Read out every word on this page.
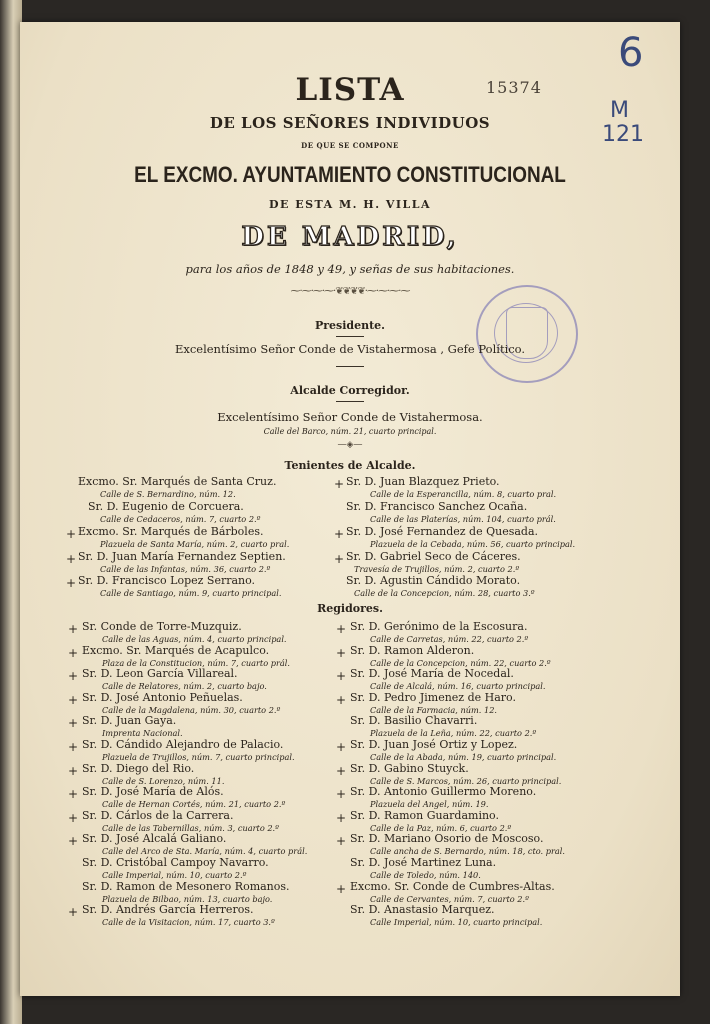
15374
6
M
121
LISTA
DE LOS SEÑORES INDIVIDUOS
DE QUE SE COMPONE
EL EXCMO. AYUNTAMIENTO CONSTITUCIONAL
DE ESTA M. H. VILLA
DE MADRID,
para los años de 1848 y 49, y señas de sus habitaciones.
⁓·⁓·⁓·⁓·❦❦❦❦·⁓·⁓·⁓·⁓
Presidente.
Excelentísimo Señor Conde de Vistahermosa , Gefe Político.
Alcalde Corregidor.
Excelentísimo Señor Conde de Vistahermosa.
Calle del Barco, núm. 21, cuarto principal.
—◈—
Tenientes de Alcalde.
Excmo. Sr. Marqués de Santa Cruz.
Calle de S. Bernardino, núm. 12.
Sr. D. Eugenio de Corcuera.
Calle de Cedaceros, núm. 7, cuarto 2.º
+ Excmo. Sr. Marqués de Bárboles.
Plazuela de Santa María, núm. 2, cuarto pral.
+ Sr. D. Juan María Fernandez Septien.
Calle de las Infantas, núm. 36, cuarto 2.º
+ Sr. D. Francisco Lopez Serrano.
Calle de Santiago, núm. 9, cuarto principal.
+ Sr. D. Juan Blazquez Prieto.
Calle de la Esperancilla, núm. 8, cuarto pral.
Sr. D. Francisco Sanchez Ocaña.
Calle de las Platerías, núm. 104, cuarto prál.
+ Sr. D. José Fernandez de Quesada.
Plazuela de la Cebada, núm. 56, cuarto principal.
+ Sr. D. Gabriel Seco de Cáceres.
Travesía de Trujillos, núm. 2, cuarto 2.º
Sr. D. Agustin Cándido Morato.
Calle de la Concepcion, núm. 28, cuarto 3.º
Regidores.
+ Sr. Conde de Torre-Muzquiz.
Calle de las Aguas, núm. 4, cuarto principal.
+ Excmo. Sr. Marqués de Acapulco.
Plaza de la Constitucion, núm. 7, cuarto prál.
+ Sr. D. Leon García Villareal.
Calle de Relatores, núm. 2, cuarto bajo.
+ Sr. D. José Antonio Peñuelas.
Calle de la Magdalena, núm. 30, cuarto 2.º
+ Sr. D. Juan Gaya.
Imprenta Nacional.
+ Sr. D. Cándido Alejandro de Palacio.
Plazuela de Trujillos, núm. 7, cuarto principal.
+ Sr. D. Diego del Rio.
Calle de S. Lorenzo, núm. 11.
+ Sr. D. José María de Alós.
Calle de Hernan Cortés, núm. 21, cuarto 2.º
+ Sr. D. Cárlos de la Carrera.
Calle de las Tabernillas, núm. 3, cuarto 2.º
+ Sr. D. José Alcalá Galiano.
Calle del Arco de Sta. María, núm. 4, cuarto prál.
Sr. D. Cristóbal Campoy Navarro.
Calle Imperial, núm. 10, cuarto 2.º
Sr. D. Ramon de Mesonero Romanos.
Plazuela de Bilbao, núm. 13, cuarto bajo.
+ Sr. D. Andrés García Herreros.
Calle de la Visitacion, núm. 17, cuarto 3.º
+ Sr. D. Gerónimo de la Escosura.
Calle de Carretas, núm. 22, cuarto 2.º
+ Sr. D. Ramon Alderon.
Calle de la Concepcion, núm. 22, cuarto 2.º
+ Sr. D. José María de Nocedal.
Calle de Alcalá, núm. 16, cuarto principal.
+ Sr. D. Pedro Jimenez de Haro.
Calle de la Farmacia, núm. 12.
Sr. D. Basilio Chavarri.
Plazuela de la Leña, núm. 22, cuarto 2.º
+ Sr. D. Juan José Ortiz y Lopez.
Calle de la Abada, núm. 19, cuarto principal.
+ Sr. D. Gabino Stuyck.
Calle de S. Marcos, núm. 26, cuarto principal.
+ Sr. D. Antonio Guillermo Moreno.
Plazuela del Angel, núm. 19.
+ Sr. D. Ramon Guardamino.
Calle de la Paz, núm. 6, cuarto 2.º
+ Sr. D. Mariano Osorio de Moscoso.
Calle ancha de S. Bernardo, núm. 18, cto. pral.
Sr. D. José Martinez Luna.
Calle de Toledo, núm. 140.
+ Excmo. Sr. Conde de Cumbres-Altas.
Calle de Cervantes, núm. 7, cuarto 2.º
Sr. D. Anastasio Marquez.
Calle Imperial, núm. 10, cuarto principal.
